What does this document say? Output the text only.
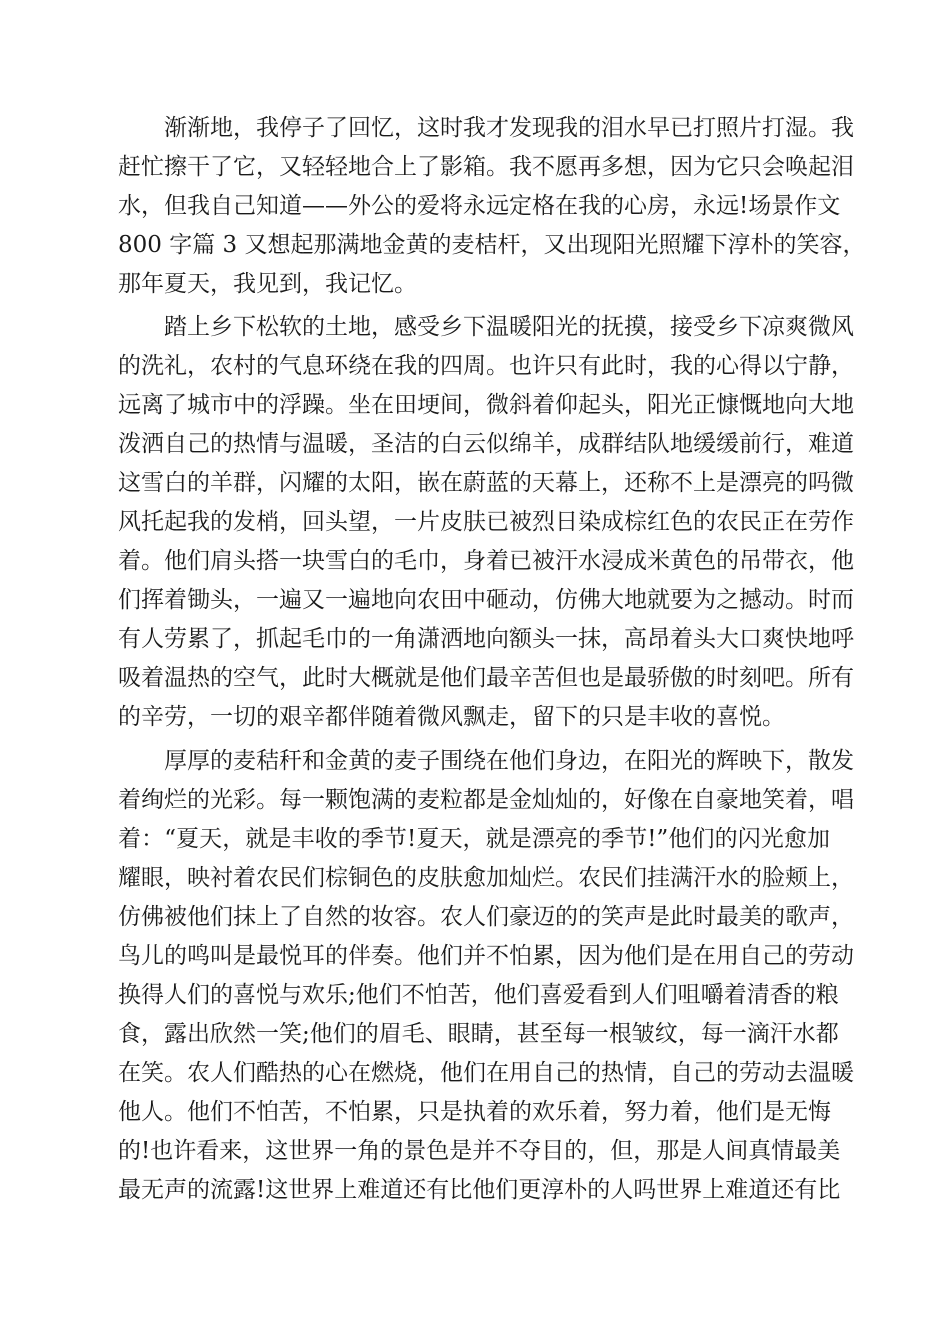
渐渐地，我停子了回忆，这时我才发现我的泪水早已打照片打湿。我
赶忙擦干了它，又轻轻地合上了影箱。我不愿再多想，因为它只会唤起泪
水，但我自己知道——外公的爱将永远定格在我的心房，永远!场景作文
800 字篇 3 又想起那满地金黄的麦桔杆，又出现阳光照耀下淳朴的笑容，
那年夏天，我见到，我记忆。
踏上乡下松软的土地，感受乡下温暖阳光的抚摸，接受乡下凉爽微风
的洗礼，农村的气息环绕在我的四周。也许只有此时，我的心得以宁静，
远离了城市中的浮躁。坐在田埂间，微斜着仰起头，阳光正慷慨地向大地
泼洒自己的热情与温暖，圣洁的白云似绵羊，成群结队地缓缓前行，难道
这雪白的羊群，闪耀的太阳，嵌在蔚蓝的天幕上，还称不上是漂亮的吗微
风托起我的发梢，回头望，一片皮肤已被烈日染成棕红色的农民正在劳作
着。他们肩头搭一块雪白的毛巾，身着已被汗水浸成米黄色的吊带衣，他
们挥着锄头，一遍又一遍地向农田中砸动，仿佛大地就要为之撼动。时而
有人劳累了，抓起毛巾的一角潇洒地向额头一抹，高昂着头大口爽快地呼
吸着温热的空气，此时大概就是他们最辛苦但也是最骄傲的时刻吧。所有
的辛劳，一切的艰辛都伴随着微风飘走，留下的只是丰收的喜悦。
厚厚的麦秸秆和金黄的麦子围绕在他们身边，在阳光的辉映下，散发
着绚烂的光彩。每一颗饱满的麦粒都是金灿灿的，好像在自豪地笑着，唱
着：“夏天，就是丰收的季节!夏天，就是漂亮的季节!”他们的闪光愈加
耀眼，映衬着农民们棕铜色的皮肤愈加灿烂。农民们挂满汗水的脸颊上，
仿佛被他们抹上了自然的妆容。农人们豪迈的的笑声是此时最美的歌声，
鸟儿的鸣叫是最悦耳的伴奏。他们并不怕累，因为他们是在用自己的劳动
换得人们的喜悦与欢乐;他们不怕苦，他们喜爱看到人们咀嚼着清香的粮
食，露出欣然一笑;他们的眉毛、眼睛，甚至每一根皱纹，每一滴汗水都
在笑。农人们酷热的心在燃烧，他们在用自己的热情，自己的劳动去温暖
他人。他们不怕苦，不怕累，只是执着的欢乐着，努力着，他们是无悔
的!也许看来，这世界一角的景色是并不夺目的，但，那是人间真情最美
最无声的流露!这世界上难道还有比他们更淳朴的人吗世界上难道还有比
